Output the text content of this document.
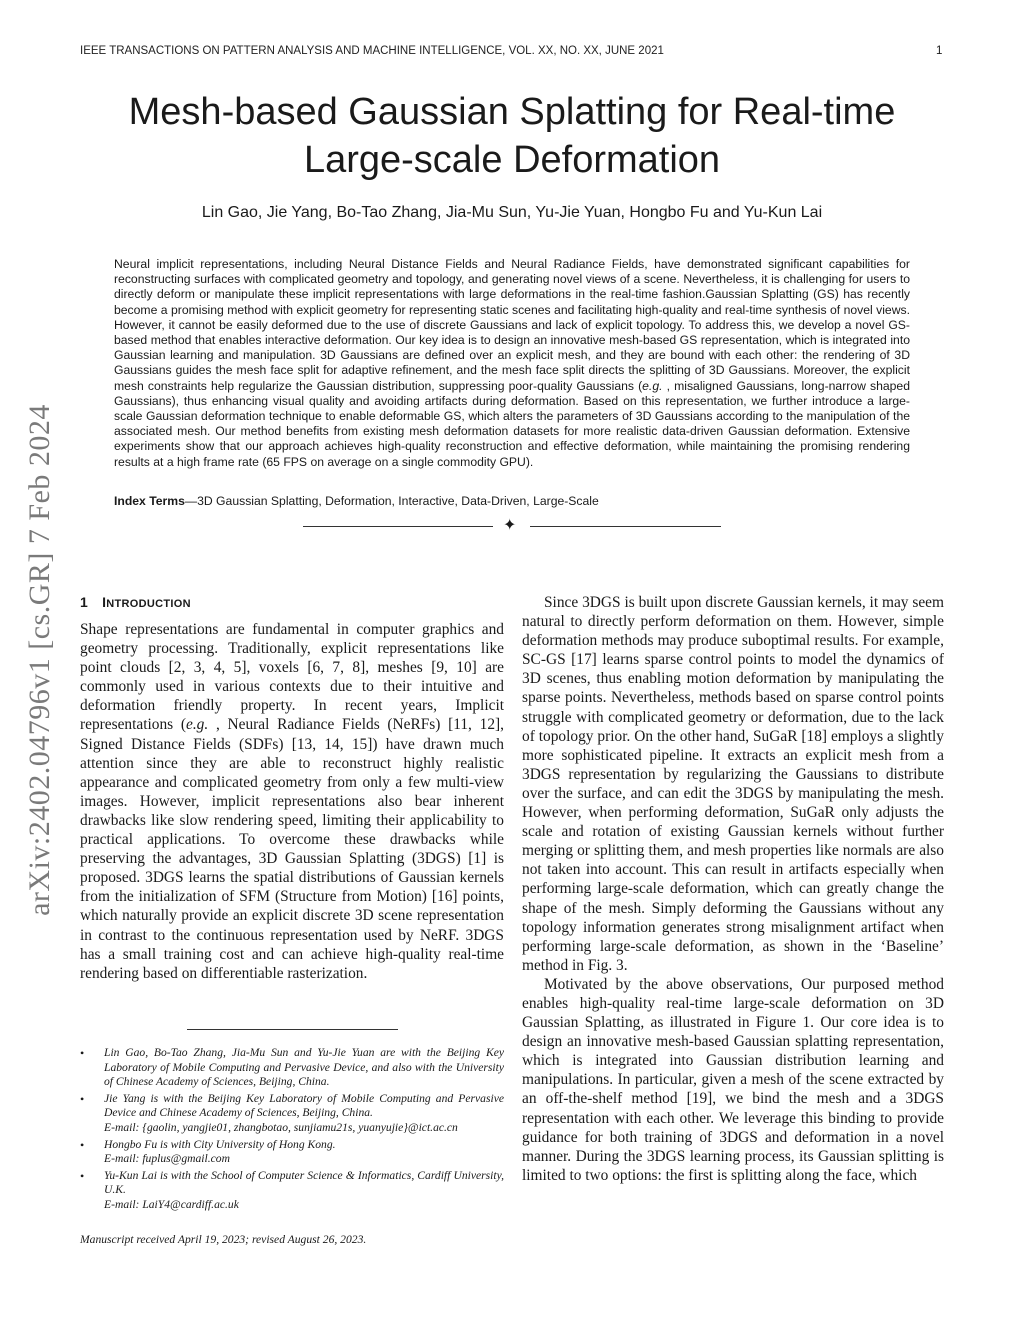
IEEE TRANSACTIONS ON PATTERN ANALYSIS AND MACHINE INTELLIGENCE, VOL. XX, NO. XX, JUNE 2021	1
Mesh-based Gaussian Splatting for Real-time
Large-scale Deformation
Lin Gao, Jie Yang, Bo-Tao Zhang, Jia-Mu Sun, Yu-Jie Yuan, Hongbo Fu and Yu-Kun Lai
Neural implicit representations, including Neural Distance Fields and Neural Radiance Fields, have demonstrated significant capabilities for reconstructing surfaces with complicated geometry and topology, and generating novel views of a scene. Nevertheless, it is challenging for users to directly deform or manipulate these implicit representations with large deformations in the real-time fashion.Gaussian Splatting (GS) has recently become a promising method with explicit geometry for representing static scenes and facilitating high-quality and real-time synthesis of novel views. However, it cannot be easily deformed due to the use of discrete Gaussians and lack of explicit topology. To address this, we develop a novel GS-based method that enables interactive deformation. Our key idea is to design an innovative mesh-based GS representation, which is integrated into Gaussian learning and manipulation. 3D Gaussians are defined over an explicit mesh, and they are bound with each other: the rendering of 3D Gaussians guides the mesh face split for adaptive refinement, and the mesh face split directs the splitting of 3D Gaussians. Moreover, the explicit mesh constraints help regularize the Gaussian distribution, suppressing poor-quality Gaussians (e.g. , misaligned Gaussians, long-narrow shaped Gaussians), thus enhancing visual quality and avoiding artifacts during deformation. Based on this representation, we further introduce a large-scale Gaussian deformation technique to enable deformable GS, which alters the parameters of 3D Gaussians according to the manipulation of the associated mesh. Our method benefits from existing mesh deformation datasets for more realistic data-driven Gaussian deformation. Extensive experiments show that our approach achieves high-quality reconstruction and effective deformation, while maintaining the promising rendering results at a high frame rate (65 FPS on average on a single commodity GPU).
Index Terms—3D Gaussian Splatting, Deformation, Interactive, Data-Driven, Large-Scale
✦
arXiv:2402.04796v1 [cs.GR] 7 Feb 2024 1 INTRODUCTION

Shape representations are fundamental in computer graphics and geometry processing. Traditionally, explicit representations like point clouds [2, 3, 4, 5], voxels [6, 7, 8], meshes [9, 10] are commonly used in various contexts due to their intuitive and deformation friendly property. In recent years, Implicit representations (e.g. , Neural Radiance Fields (NeRFs) [11, 12], Signed Distance Fields (SDFs) [13, 14, 15]) have drawn much attention since they are able to reconstruct highly realistic appearance and complicated geometry from only a few multi-view images. However, implicit representations also bear inherent drawbacks like slow rendering speed, limiting their applicability to practical applications. To overcome these drawbacks while preserving the advantages, 3D Gaussian Splatting (3DGS) [1] is proposed. 3DGS learns the spatial distributions of Gaussian kernels from the initialization of SFM (Structure from Motion) [16] points, which naturally provide an explicit discrete 3D scene representation in contrast to the continuous representation used by NeRF. 3DGS has a small training cost and can achieve high-quality real-time rendering based on differentiable rasterization.

Since 3DGS is built upon discrete Gaussian kernels, it may seem natural to directly perform deformation on them. However, simple deformation methods may produce suboptimal results. For example, SC-GS [17] learns sparse control points to model the dynamics of 3D scenes, thus enabling motion deformation by manipulating the sparse points. Nevertheless, methods based on sparse control points struggle with complicated geometry or deformation, due to the lack of topology prior. On the other hand, SuGaR [18] employs a slightly more sophisticated pipeline. It extracts an explicit mesh from a 3DGS representation by regularizing the Gaussians to distribute over the surface, and can edit the 3DGS by manipulating the mesh. However, when performing deformation, SuGaR only adjusts the scale and rotation of existing Gaussian kernels without further merging or splitting them, and mesh properties like normals are also not taken into account. This can result in artifacts especially when performing large-scale deformation, which can greatly change the shape of the mesh. Simply deforming the Gaussians without any topology information generates strong misalignment artifact when performing large-scale deformation, as shown in the ‘Baseline’ method in Fig. 3.

Motivated by the above observations, Our purposed method enables high-quality real-time large-scale deformation on 3D Gaussian Splatting, as illustrated in Figure 1. Our core idea is to design an innovative mesh-based Gaussian splatting representation, which is integrated into Gaussian distribution learning and manipulations. In particular, given a mesh of the scene extracted by an off-the-shelf method [19], we bind the mesh and a 3DGS representation with each other. We leverage this binding to provide guidance for both training of 3DGS and deformation in a novel manner. During the 3DGS learning process, its Gaussian splitting is limited to two options: the first is splitting along the face, which

• Lin Gao, Bo-Tao Zhang, Jia-Mu Sun and Yu-Jie Yuan are with the Beijing Key Laboratory of Mobile Computing and Pervasive Device, and also with the University of Chinese Academy of Sciences, Beijing, China.
• Jie Yang is with the Beijing Key Laboratory of Mobile Computing and Pervasive Device and Chinese Academy of Sciences, Beijing, China.
E-mail: {gaolin, yangjie01, zhangbotao, sunjiamu21s, yuanyujie}@ict.ac.cn
• Hongbo Fu is with City University of Hong Kong.
E-mail: fuplus@gmail.com
• Yu-Kun Lai is with the School of Computer Science & Informatics, Cardiff University, U.K.
E-mail: LaiY4@cardiff.ac.uk
Manuscript received April 19, 2023; revised August 26, 2023.
